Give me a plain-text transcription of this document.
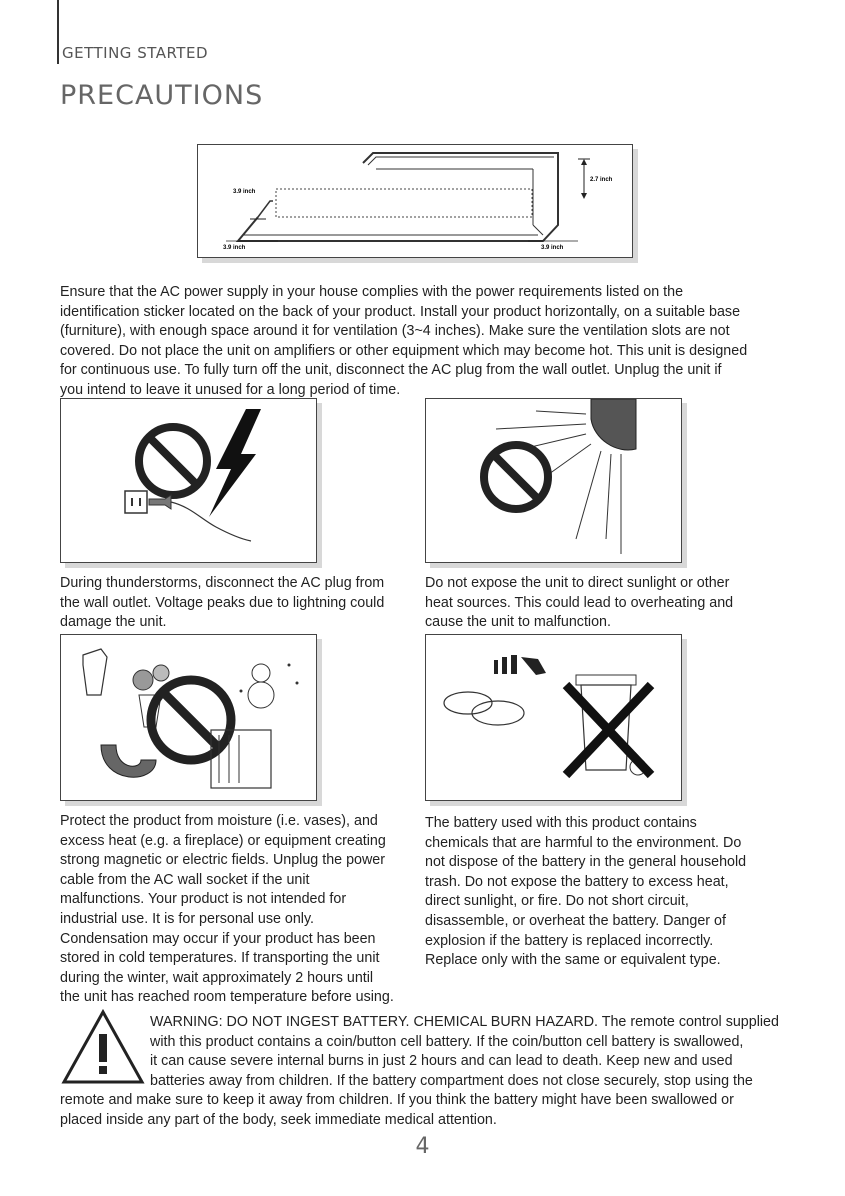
GETTING STARTED
PRECAUTIONS
3.9 inch
2.7 inch
3.9 inch	3.9 inch
Ensure that the AC power supply in your house complies with the power requirements listed on the
identification sticker located on the back of your product. Install your product horizontally, on a suitable base
(furniture), with enough space around it for ventilation (3~4 inches). Make sure the ventilation slots are not
covered. Do not place the unit on amplifiers or other equipment which may become hot. This unit is designed
for continuous use. To fully turn off the unit, disconnect the AC plug from the wall outlet. Unplug the unit if
you intend to leave it unused for a long period of time.
During thunderstorms, disconnect the AC plug from
the wall outlet. Voltage peaks due to lightning could
damage the unit.
Do not expose the unit to direct sunlight or other
heat sources. This could lead to overheating and
cause the unit to malfunction.
Protect the product from moisture (i.e. vases), and
excess heat (e.g. a fireplace) or equipment creating
strong magnetic or electric fields. Unplug the power
cable from the AC wall socket if the unit
malfunctions. Your product is not intended for
industrial use. It is for personal use only.
Condensation may occur if your product has been
stored in cold temperatures. If transporting the unit
during the winter, wait approximately 2 hours until
the unit has reached room temperature before using.
The battery used with this product contains
chemicals that are harmful to the environment. Do
not dispose of the battery in the general household
trash. Do not expose the battery to excess heat,
direct sunlight, or fire. Do not short circuit,
disassemble, or overheat the battery. Danger of
explosion if the battery is replaced incorrectly.
Replace only with the same or equivalent type.
WARNING: DO NOT INGEST BATTERY. CHEMICAL BURN HAZARD. The remote control supplied
with this product contains a coin/button cell battery. If the coin/button cell battery is swallowed,
it can cause severe internal burns in just 2 hours and can lead to death. Keep new and used
batteries away from children. If the battery compartment does not close securely, stop using the
remote and make sure to keep it away from children. If you think the battery might have been swallowed or
placed inside any part of the body, seek immediate medical attention.
4
